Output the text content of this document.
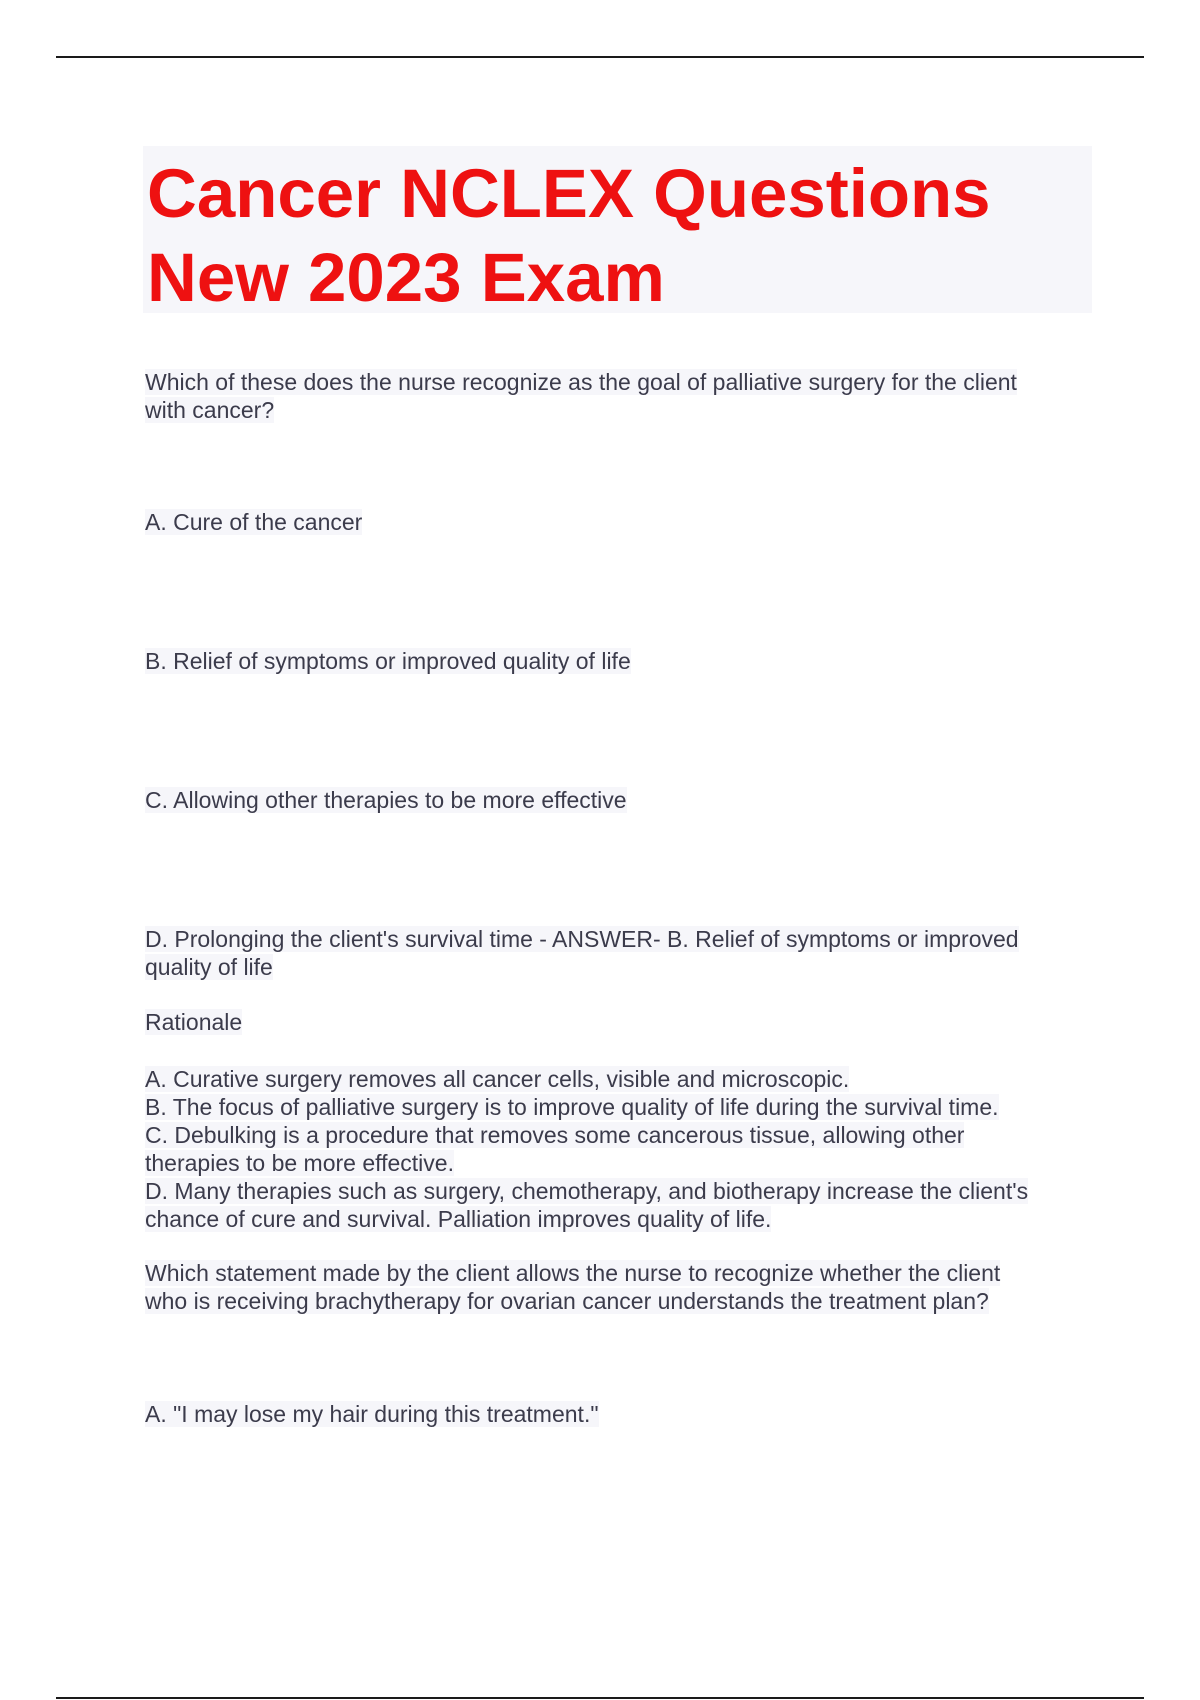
Cancer NCLEX Questions
New 2023 Exam
Which of these does the nurse recognize as the goal of palliative surgery for the client
with cancer?
A. Cure of the cancer
B. Relief of symptoms or improved quality of life
C. Allowing other therapies to be more effective
D. Prolonging the client's survival time - ANSWER- B. Relief of symptoms or improved
quality of life
Rationale
A. Curative surgery removes all cancer cells, visible and microscopic.
B. The focus of palliative surgery is to improve quality of life during the survival time.
C. Debulking is a procedure that removes some cancerous tissue, allowing other
therapies to be more effective.
D. Many therapies such as surgery, chemotherapy, and biotherapy increase the client's
chance of cure and survival. Palliation improves quality of life.
Which statement made by the client allows the nurse to recognize whether the client
who is receiving brachytherapy for ovarian cancer understands the treatment plan?
A. "I may lose my hair during this treatment."
